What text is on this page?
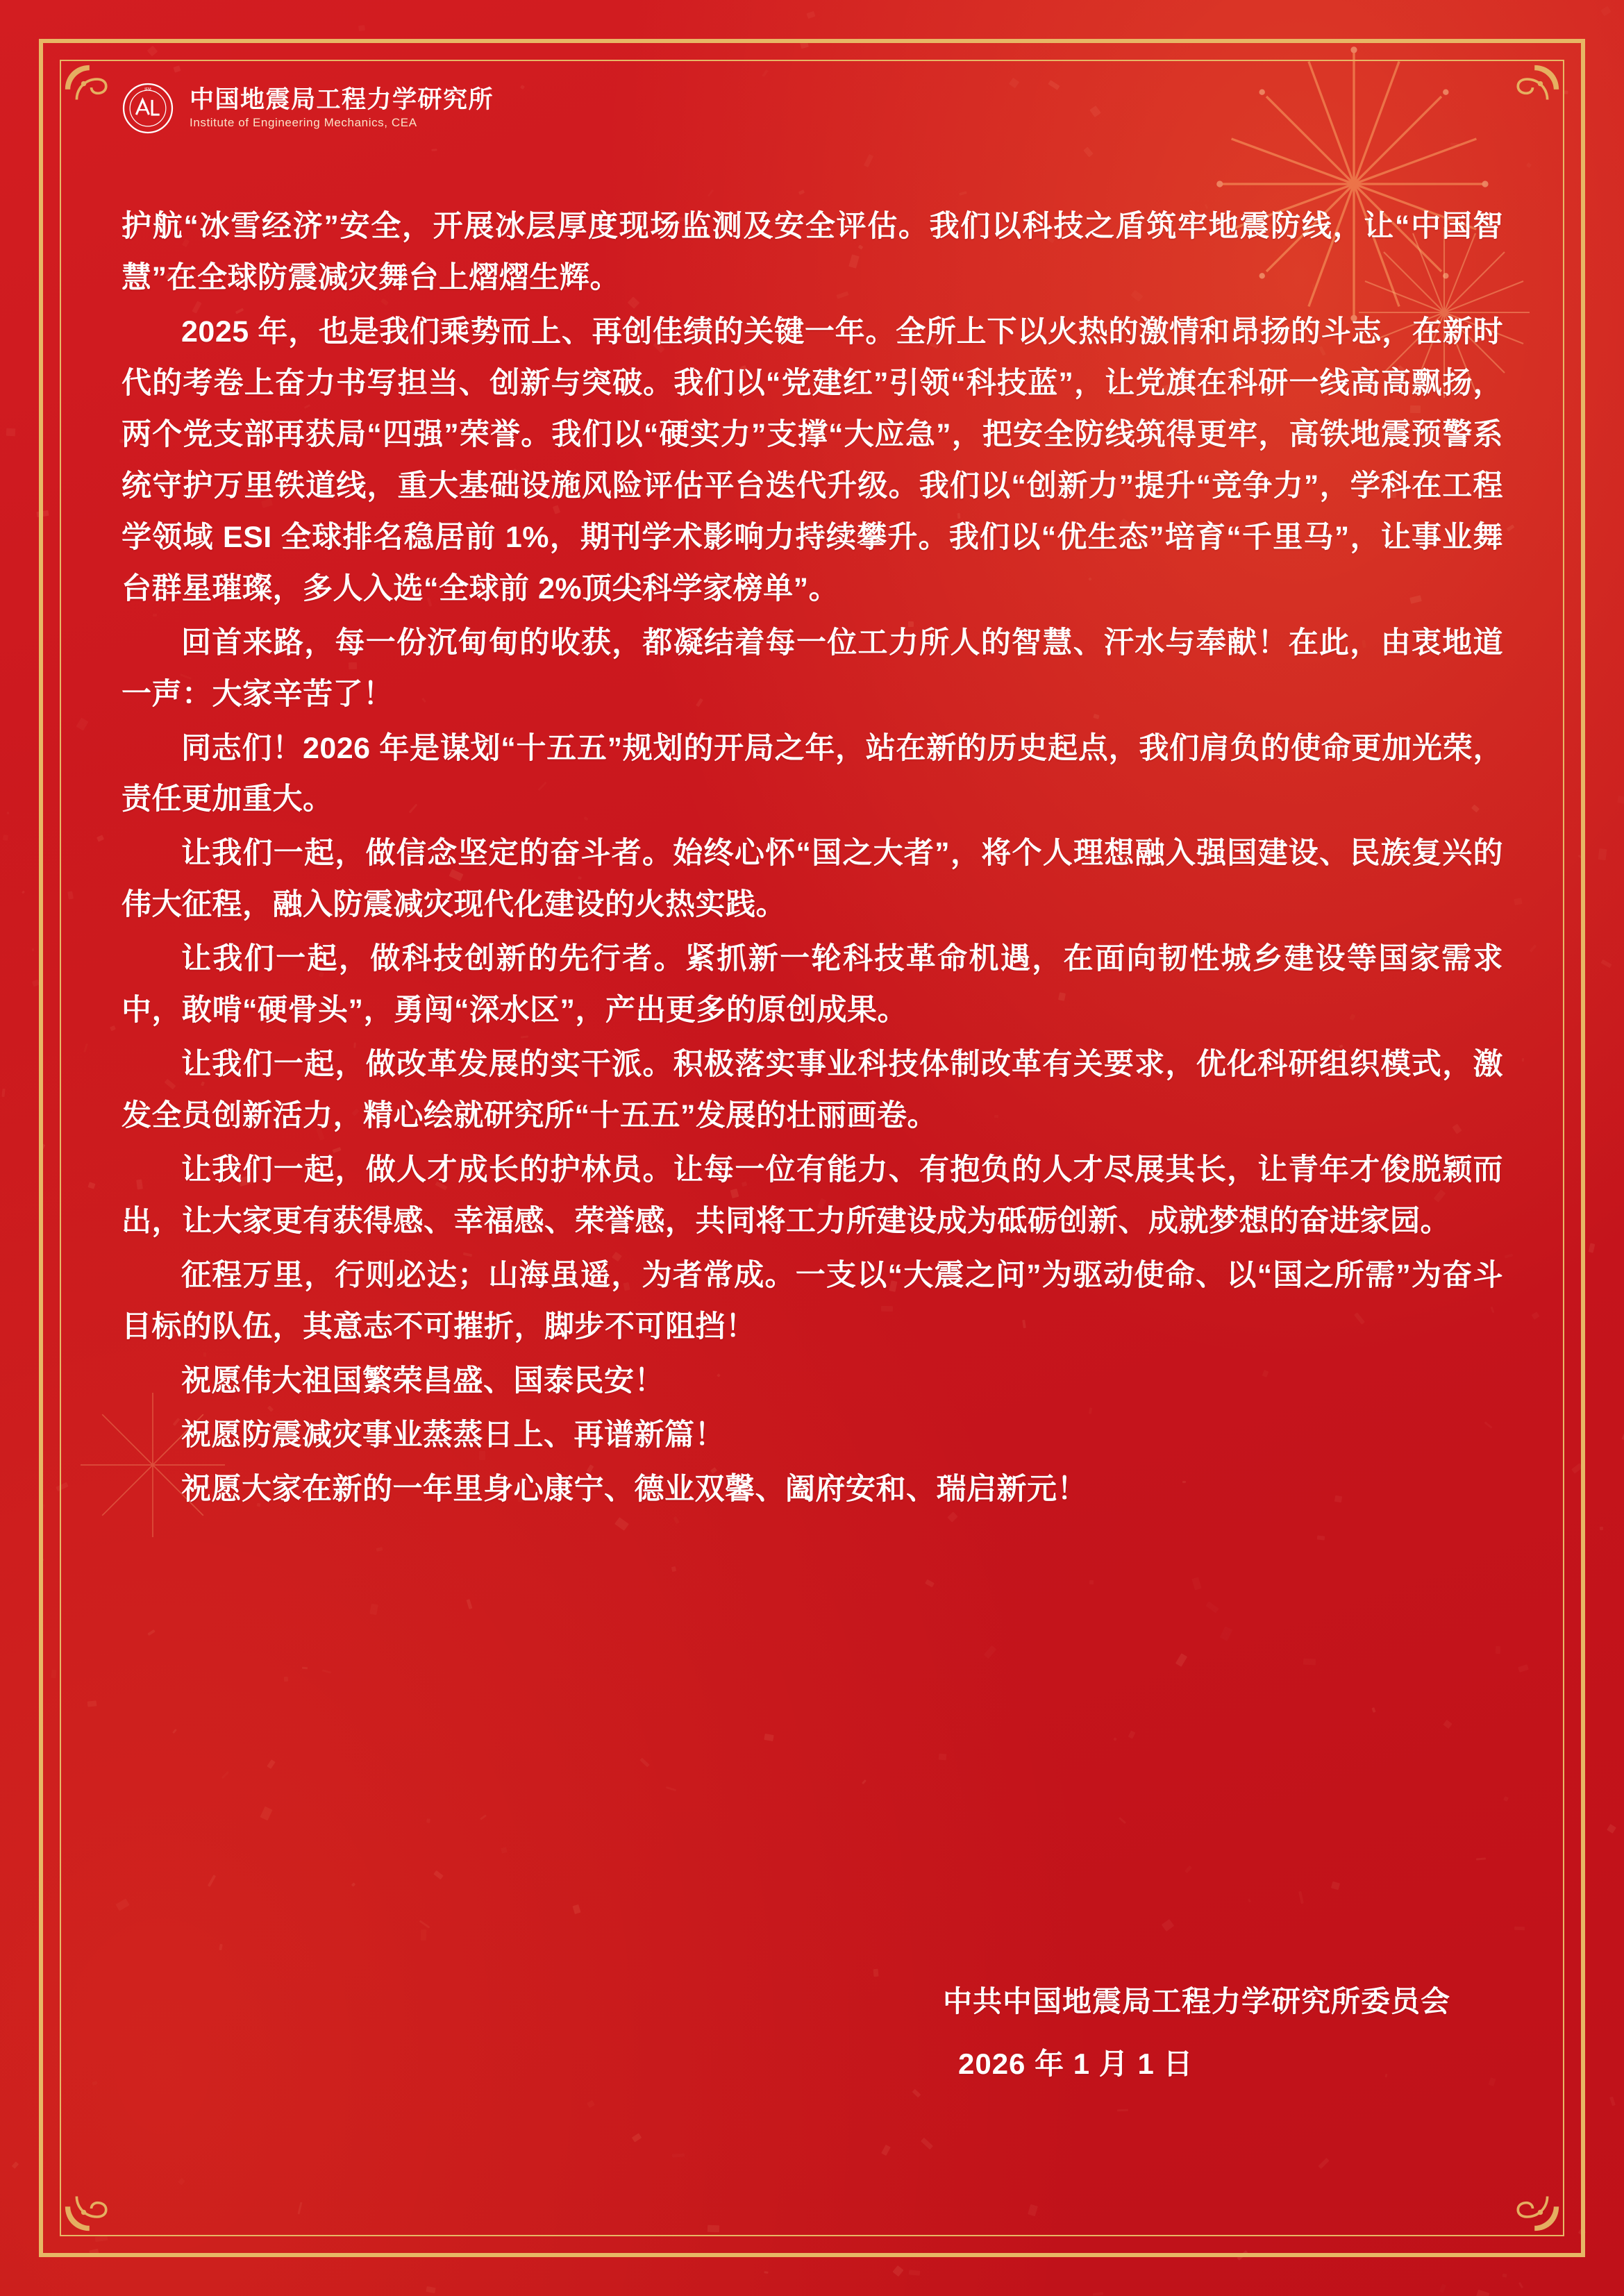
IEM 中国地震局工程力学研究所
Institute of Engineering Mechanics, CEA

护航“冰雪经济”安全，开展冰层厚度现场监测及安全评估。我们以科技之盾筑牢地震防线，让“中国智慧”在全球防震减灾舞台上熠熠生辉。

2025 年，也是我们乘势而上、再创佳绩的关键一年。全所上下以火热的激情和昂扬的斗志，在新时代的考卷上奋力书写担当、创新与突破。我们以“党建红”引领“科技蓝”，让党旗在科研一线高高飘扬，两个党支部再获局“四强”荣誉。我们以“硬实力”支撑“大应急”，把安全防线筑得更牢，高铁地震预警系统守护万里铁道线，重大基础设施风险评估平台迭代升级。我们以“创新力”提升“竞争力”，学科在工程学领域 ESI 全球排名稳居前 1%，期刊学术影响力持续攀升。我们以“优生态”培育“千里马”，让事业舞台群星璀璨，多人入选“全球前 2%顶尖科学家榜单”。

回首来路，每一份沉甸甸的收获，都凝结着每一位工力所人的智慧、汗水与奉献！在此，由衷地道一声：大家辛苦了！

同志们！2026 年是谋划“十五五”规划的开局之年，站在新的历史起点，我们肩负的使命更加光荣，责任更加重大。

让我们一起，做信念坚定的奋斗者。始终心怀“国之大者”，将个人理想融入强国建设、民族复兴的伟大征程，融入防震减灾现代化建设的火热实践。

让我们一起，做科技创新的先行者。紧抓新一轮科技革命机遇，在面向韧性城乡建设等国家需求中，敢啃“硬骨头”，勇闯“深水区”，产出更多的原创成果。

让我们一起，做改革发展的实干派。积极落实事业科技体制改革有关要求，优化科研组织模式，激发全员创新活力，精心绘就研究所“十五五”发展的壮丽画卷。

让我们一起，做人才成长的护林员。让每一位有能力、有抱负的人才尽展其长，让青年才俊脱颖而出，让大家更有获得感、幸福感、荣誉感，共同将工力所建设成为砥砺创新、成就梦想的奋进家园。

征程万里，行则必达；山海虽遥，为者常成。一支以“大震之问”为驱动使命、以“国之所需”为奋斗目标的队伍，其意志不可摧折，脚步不可阻挡！

祝愿伟大祖国繁荣昌盛、国泰民安！

祝愿防震减灾事业蒸蒸日上、再谱新篇！

祝愿大家在新的一年里身心康宁、德业双馨、阖府安和、瑞启新元！

中共中国地震局工程力学研究所委员会
2026 年 1 月 1 日
